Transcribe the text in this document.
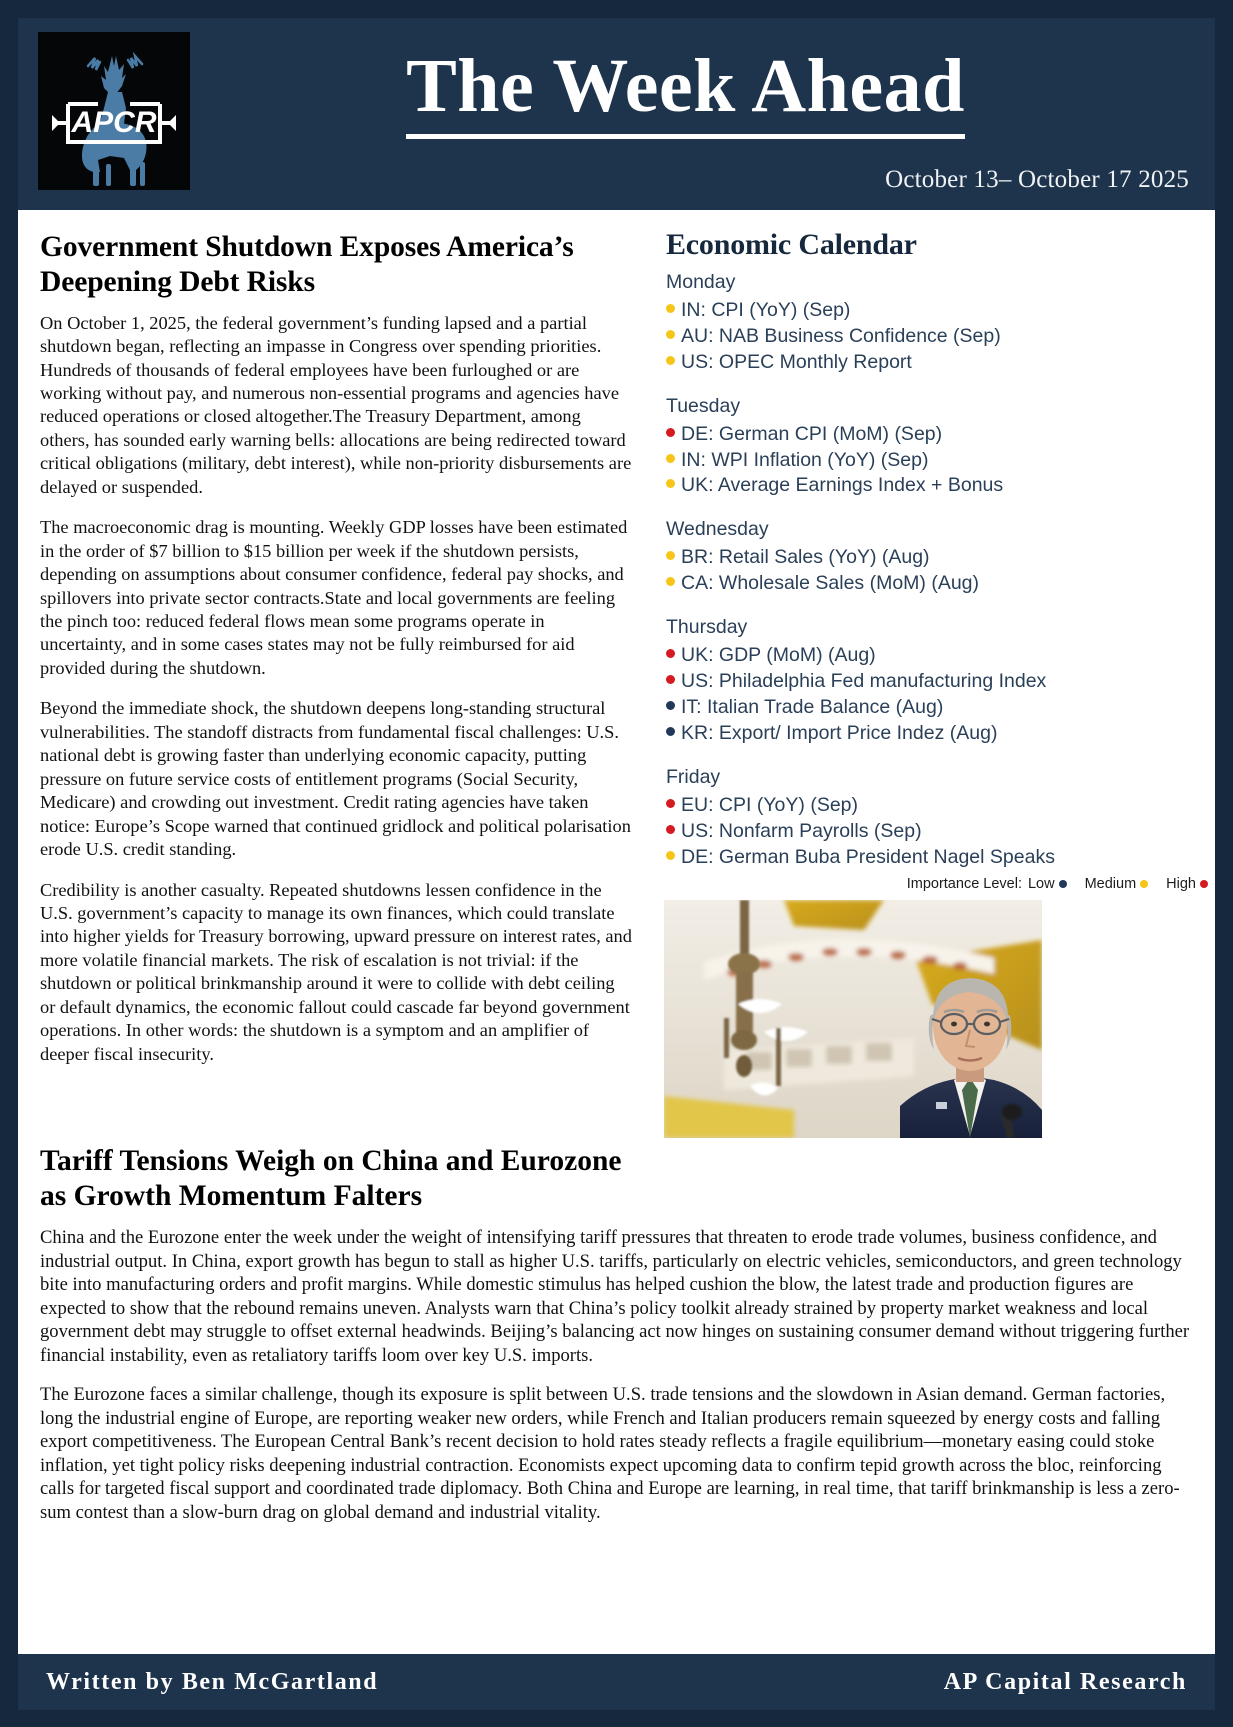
APCR	The Week Ahead
October 13– October 17 2025
Government Shutdown Exposes America’s Deepening Debt Risks

On October 1, 2025, the federal government’s funding lapsed and a partial shutdown began, reflecting an impasse in Congress over spending priorities. Hundreds of thousands of federal employees have been furloughed or are working without pay, and numerous non-essential programs and agencies have reduced operations or closed altogether.The Treasury Department, among others, has sounded early warning bells: allocations are being redirected toward critical obligations (military, debt interest), while non-priority disbursements are delayed or suspended.

The macroeconomic drag is mounting. Weekly GDP losses have been estimated in the order of $7 billion to $15 billion per week if the shutdown persists, depending on assumptions about consumer confidence, federal pay shocks, and spillovers into private sector contracts.State and local governments are feeling the pinch too: reduced federal flows mean some programs operate in uncertainty, and in some cases states may not be fully reimbursed for aid provided during the shutdown.

Beyond the immediate shock, the shutdown deepens long-standing structural vulnerabilities. The standoff distracts from fundamental fiscal challenges: U.S. national debt is growing faster than underlying economic capacity, putting pressure on future service costs of entitlement programs (Social Security, Medicare) and crowding out investment. Credit rating agencies have taken notice: Europe’s Scope warned that continued gridlock and political polarisation erode U.S. credit standing.

Credibility is another casualty. Repeated shutdowns lessen confidence in the U.S. government’s capacity to manage its own finances, which could translate into higher yields for Treasury borrowing, upward pressure on interest rates, and more volatile financial markets. The risk of escalation is not trivial: if the shutdown or political brinkmanship around it were to collide with debt ceiling or default dynamics, the economic fallout could cascade far beyond government operations. In other words: the shutdown is a symptom and an amplifier of deeper fiscal insecurity.

Economic Calendar
Monday
IN: CPI (YoY) (Sep)
AU: NAB Business Confidence (Sep)
US: OPEC Monthly Report
Tuesday
DE: German CPI (MoM) (Sep)
IN: WPI Inflation (YoY) (Sep)
UK: Average Earnings Index + Bonus
Wednesday
BR: Retail Sales (YoY) (Aug)
CA: Wholesale Sales (MoM) (Aug)
Thursday
UK: GDP (MoM) (Aug)
US: Philadelphia Fed manufacturing Index
IT: Italian Trade Balance (Aug)
KR: Export/ Import Price Indez (Aug)
Friday
EU: CPI (YoY) (Sep)
US: Nonfarm Payrolls (Sep)
DE: German Buba President Nagel Speaks
Importance Level: Low Medium High
Tariff Tensions Weigh on China and Eurozone as Growth Momentum Falters

China and the Eurozone enter the week under the weight of intensifying tariff pressures that threaten to erode trade volumes, business confidence, and industrial output. In China, export growth has begun to stall as higher U.S. tariffs, particularly on electric vehicles, semiconductors, and green technology bite into manufacturing orders and profit margins. While domestic stimulus has helped cushion the blow, the latest trade and production figures are expected to show that the rebound remains uneven. Analysts warn that China’s policy toolkit already strained by property market weakness and local government debt may struggle to offset external headwinds. Beijing’s balancing act now hinges on sustaining consumer demand without triggering further financial instability, even as retaliatory tariffs loom over key U.S. imports.

The Eurozone faces a similar challenge, though its exposure is split between U.S. trade tensions and the slowdown in Asian demand. German factories, long the industrial engine of Europe, are reporting weaker new orders, while French and Italian producers remain squeezed by energy costs and falling export competitiveness. The European Central Bank’s recent decision to hold rates steady reflects a fragile equilibrium—monetary easing could stoke inflation, yet tight policy risks deepening industrial contraction. Economists expect upcoming data to confirm tepid growth across the bloc, reinforcing calls for targeted fiscal support and coordinated trade diplomacy. Both China and Europe are learning, in real time, that tariff brinkmanship is less a zero-sum contest than a slow-burn drag on global demand and industrial vitality.

Written by Ben McGartland	AP Capital Research
